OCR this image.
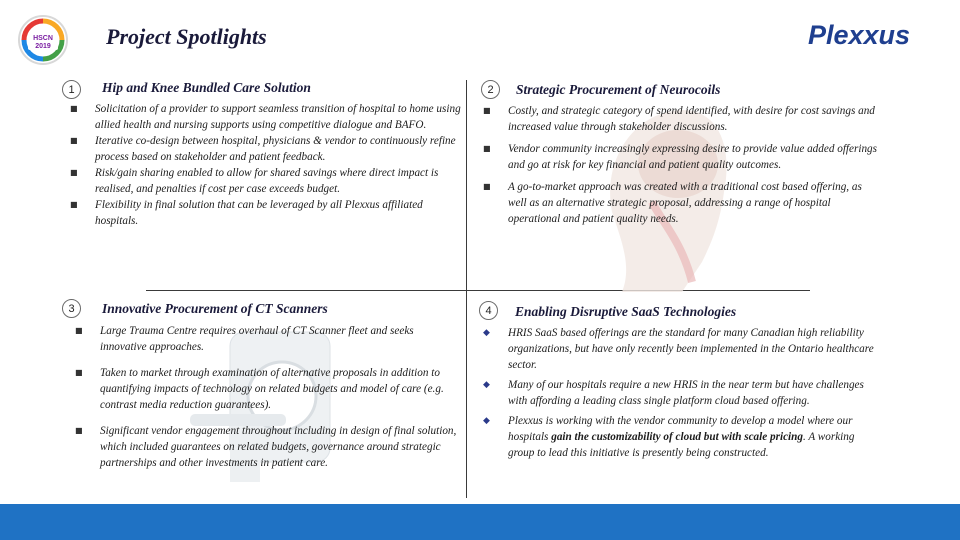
HSCN
2019	Project Spotlights	Plexxus
1	Hip and Knee Bundled Care Solution
■ Solicitation of a provider to support seamless transition of hospital to home using allied health and nursing supports using competitive dialogue and BAFO.
■ Iterative co-design between hospital, physicians & vendor to continuously refine process based on stakeholder and patient feedback.
■ Risk/gain sharing enabled to allow for shared savings where direct impact is realised, and penalties if cost per case exceeds budget.
■ Flexibility in final solution that can be leveraged by all Plexxus affiliated hospitals.
2	Strategic Procurement of Neurocoils
■ Costly, and strategic category of spend identified, with desire for cost savings and increased value through stakeholder discussions.
■ Vendor community increasingly expressing desire to provide value added offerings and go at risk for key financial and patient quality outcomes.
■ A go-to-market approach was created with a traditional cost based offering, as well as an alternative strategic proposal, addressing a range of hospital operational and patient quality needs.
3	Innovative Procurement of CT Scanners
■ Large Trauma Centre requires overhaul of CT Scanner fleet and seeks innovative approaches.
■ Taken to market through examination of alternative proposals in addition to quantifying impacts of technology on related budgets and model of care (e.g. contrast media reduction guarantees).
■ Significant vendor engagement throughout including in design of final solution, which included guarantees on related budgets, governance around strategic partnerships and other investments in patient care.
4	Enabling Disruptive SaaS Technologies
◆ HRIS SaaS based offerings are the standard for many Canadian high reliability organizations, but have only recently been implemented in the Ontario healthcare sector.
◆ Many of our hospitals require a new HRIS in the near term but have challenges with affording a leading class single platform cloud based offering.
◆ Plexxus is working with the vendor community to develop a model where our hospitals gain the customizability of cloud but with scale pricing. A working group to lead this initiative is presently being constructed.
